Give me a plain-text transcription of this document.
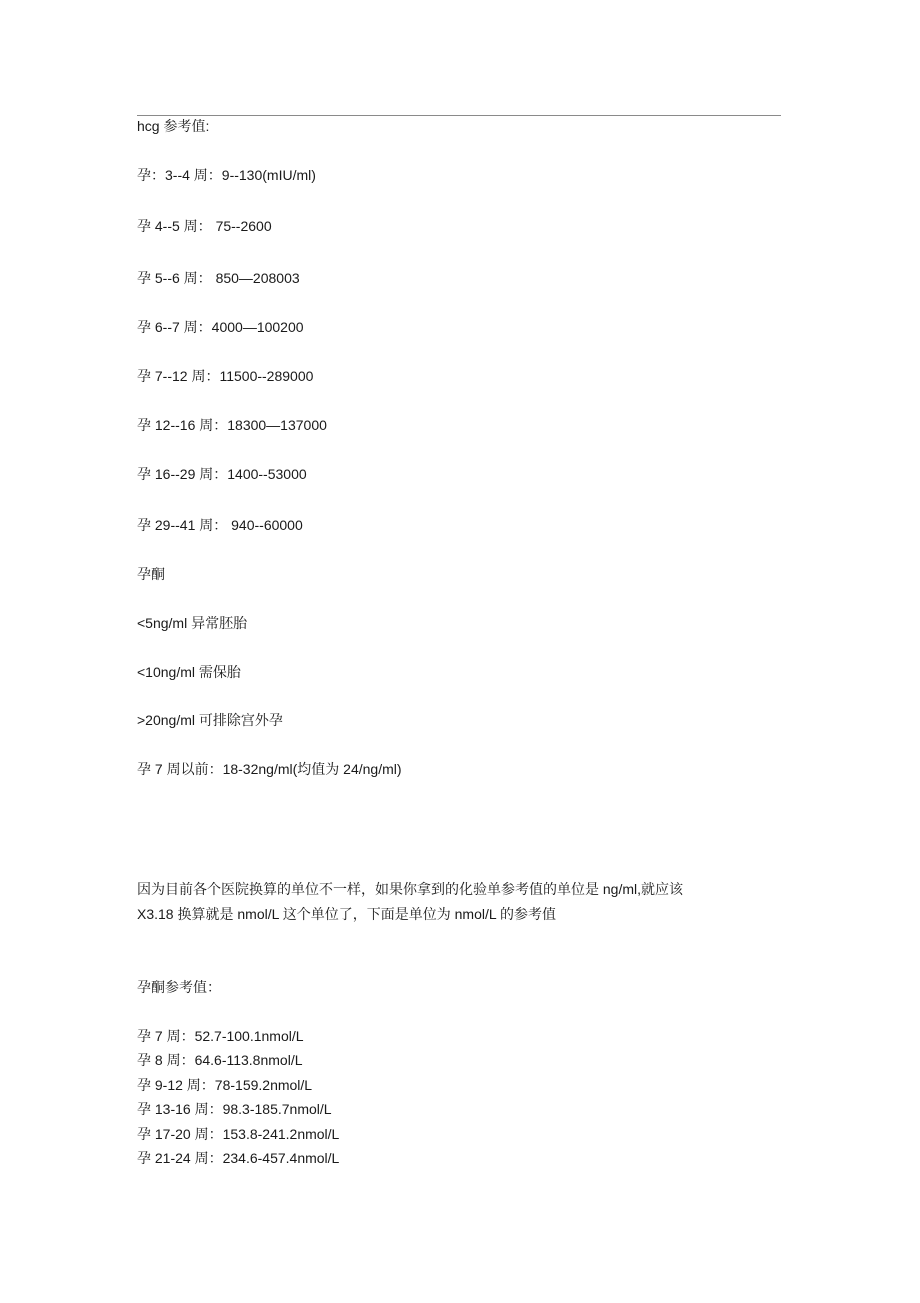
hcg 参考值:
孕：3--4 周：9--130(mIU/ml)
孕 4--5 周： 75--2600
孕 5--6 周： 850—208003
孕 6--7 周：4000—100200
孕 7--12 周：11500--289000
孕 12--16 周：18300—137000
孕 16--29 周：1400--53000
孕 29--41 周： 940--60000
孕酮
<5ng/ml 异常胚胎
<10ng/ml 需保胎
>20ng/ml 可排除宫外孕
孕 7 周以前：18-32ng/ml(均值为 24/ng/ml)
因为目前各个医院换算的单位不一样，如果你拿到的化验单参考值的单位是 ng/ml,就应该
X3.18 换算就是 nmol/L 这个单位了，下面是单位为 nmol/L 的参考值
孕酮参考值：
孕 7 周：52.7-100.1nmol/L
孕 8 周：64.6-113.8nmol/L
孕 9-12 周：78-159.2nmol/L
孕 13-16 周：98.3-185.7nmol/L
孕 17-20 周：153.8-241.2nmol/L
孕 21-24 周：234.6-457.4nmol/L
